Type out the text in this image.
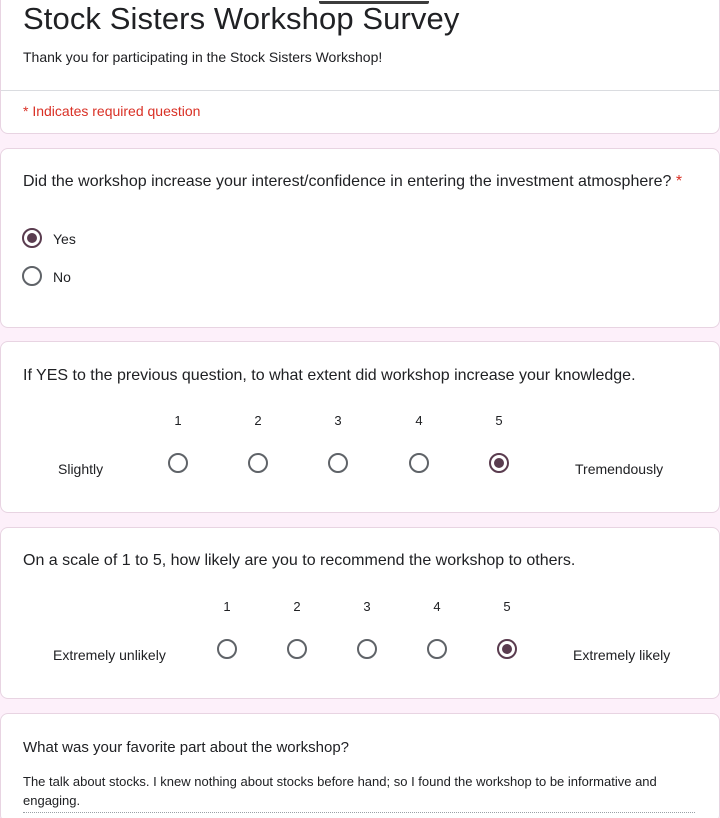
Stock Sisters Workshop Survey
Thank you for participating in the Stock Sisters Workshop!
* Indicates required question
Did the workshop increase your interest/confidence in entering the investment atmosphere? *
Yes
No
If YES to the previous question, to what extent did workshop increase your knowledge.
1	2	3	4	5
Slightly	Tremendously
On a scale of 1 to 5, how likely are you to recommend the workshop to others.
1	2	3	4	5
Extremely unlikely	Extremely likely
What was your favorite part about the workshop?
The talk about stocks. I knew nothing about stocks before hand; so I found the workshop to be informative and engaging.
